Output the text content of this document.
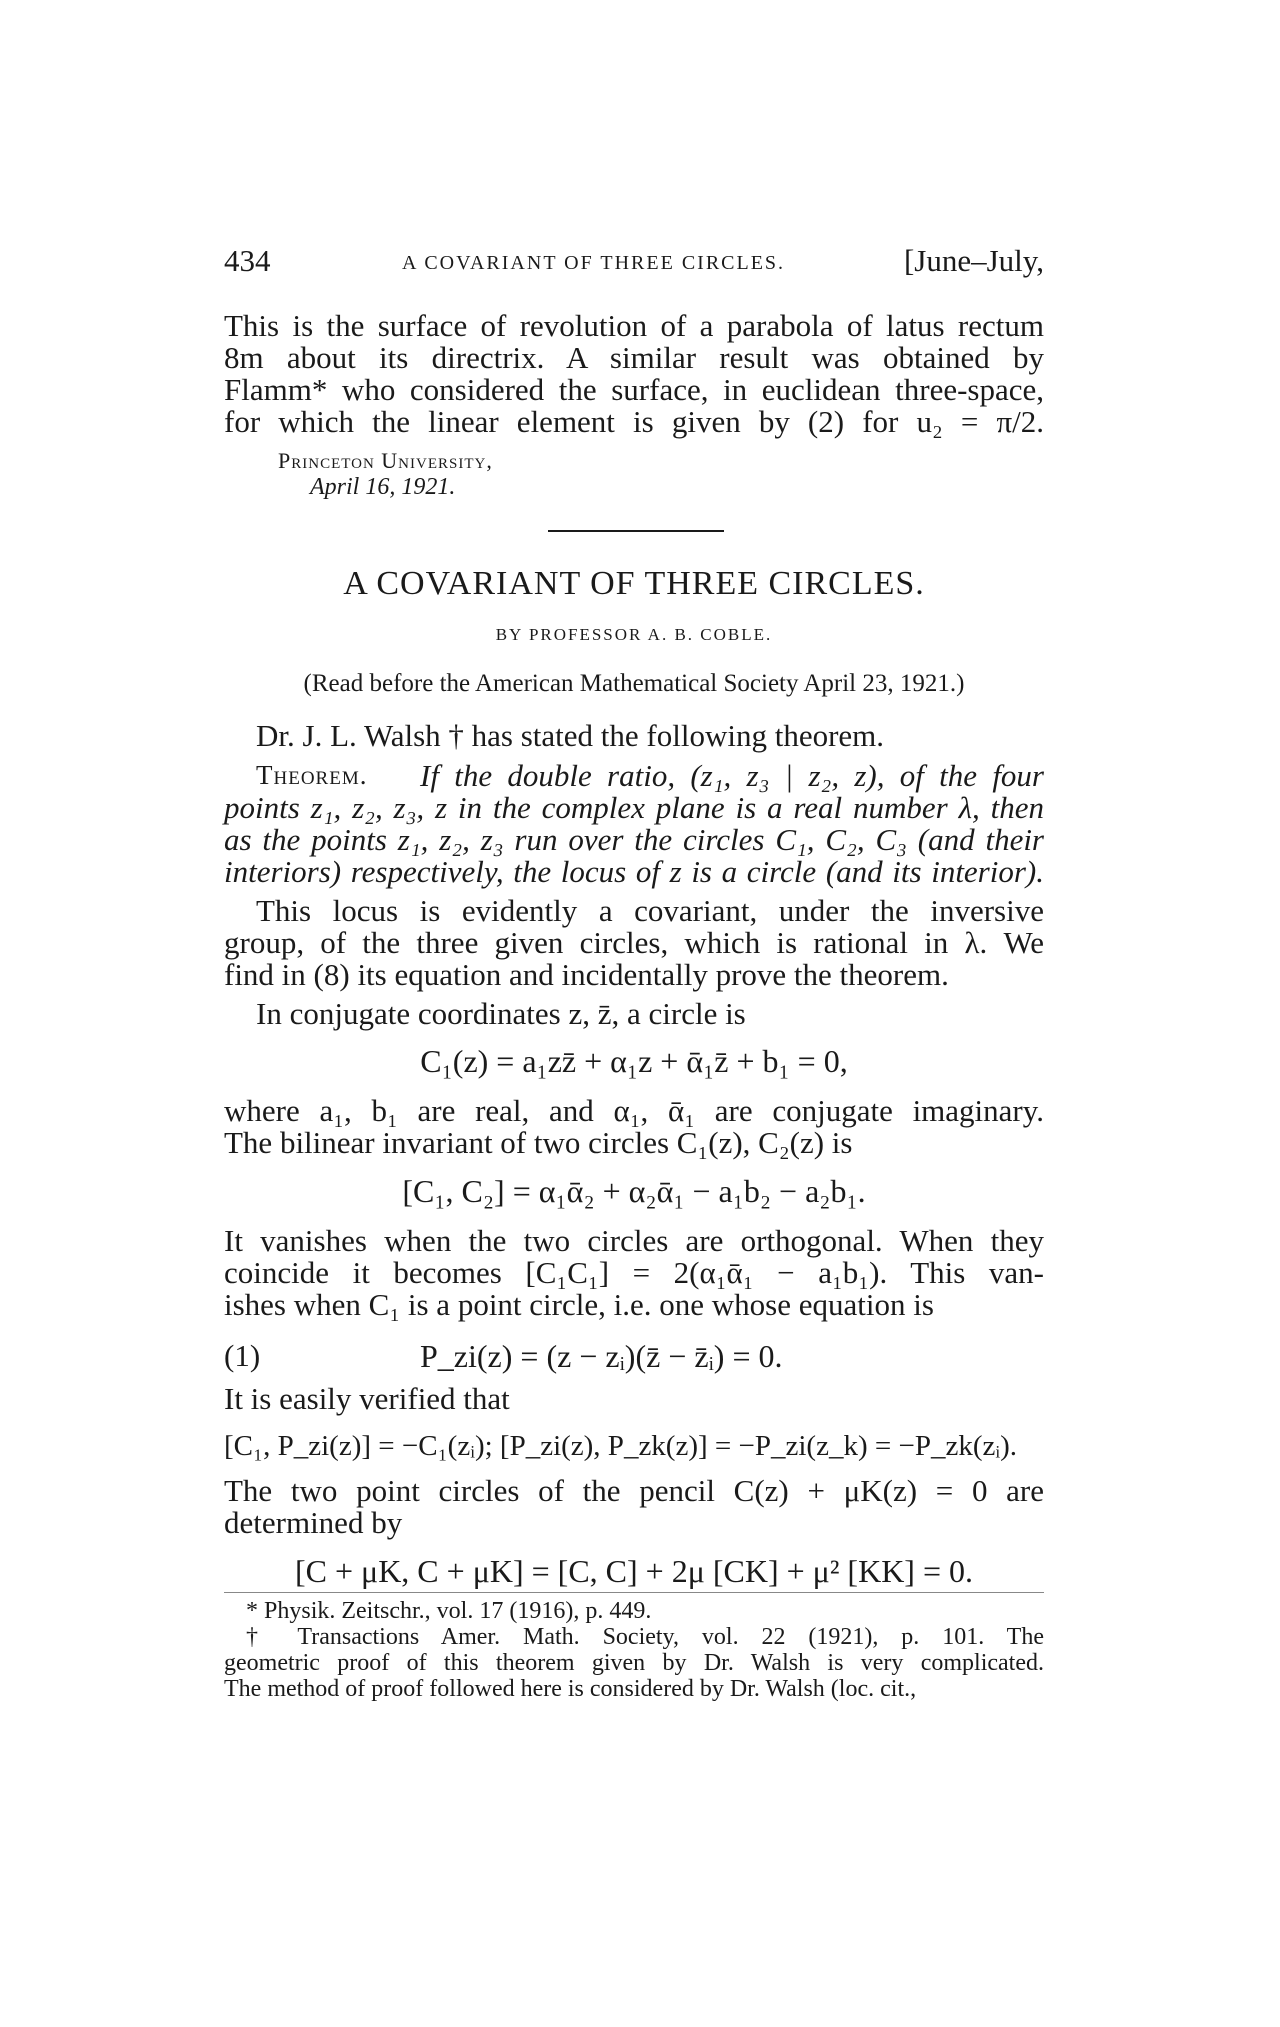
434	A COVARIANT OF THREE CIRCLES.	[June–July,
This is the surface of revolution of a parabola of latus rectum
8m about its directrix. A similar result was obtained by
Flamm* who considered the surface, in euclidean three-space,
for which the linear element is given by (2) for u₂ = π/2.
Princeton University,
April 16, 1921.
A COVARIANT OF THREE CIRCLES.
BY PROFESSOR A. B. COBLE.
(Read before the American Mathematical Society April 23, 1921.)
Dr. J. L. Walsh † has stated the following theorem.
Theorem. If the double ratio, (z₁, z₃ | z₂, z), of the four
points z₁, z₂, z₃, z in the complex plane is a real number λ, then
as the points z₁, z₂, z₃ run over the circles C₁, C₂, C₃ (and their
interiors) respectively, the locus of z is a circle (and its interior).
This locus is evidently a covariant, under the inversive
group, of the three given circles, which is rational in λ. We
find in (8) its equation and incidentally prove the theorem.
In conjugate coordinates z, z̄, a circle is
C₁(z) = a₁zz̄ + α₁z + ᾱ₁z̄ + b₁ = 0,
where a₁, b₁ are real, and α₁, ᾱ₁ are conjugate imaginary.
The bilinear invariant of two circles C₁(z), C₂(z) is
[C₁, C₂] = α₁ᾱ₂ + α₂ᾱ₁ − a₁b₂ − a₂b₁.
It vanishes when the two circles are orthogonal. When they
coincide it becomes [C₁C₁] = 2(α₁ᾱ₁ − a₁b₁). This van-
ishes when C₁ is a point circle, i.e. one whose equation is
(1)	P_zi(z) = (z − zᵢ)(z̄ − z̄ᵢ) = 0.
It is easily verified that
[C₁, P_zi(z)] = −C₁(zᵢ); [P_zi(z), P_zk(z)] = −P_zi(z_k) = −P_zk(zᵢ).
The two point circles of the pencil C(z) + μK(z) = 0 are
determined by
[C + μK, C + μK] = [C, C] + 2μ [CK] + μ² [KK] = 0.
* Physik. Zeitschr., vol. 17 (1916), p. 449.
† Transactions Amer. Math. Society, vol. 22 (1921), p. 101. The
geometric proof of this theorem given by Dr. Walsh is very complicated.
The method of proof followed here is considered by Dr. Walsh (loc. cit.,
